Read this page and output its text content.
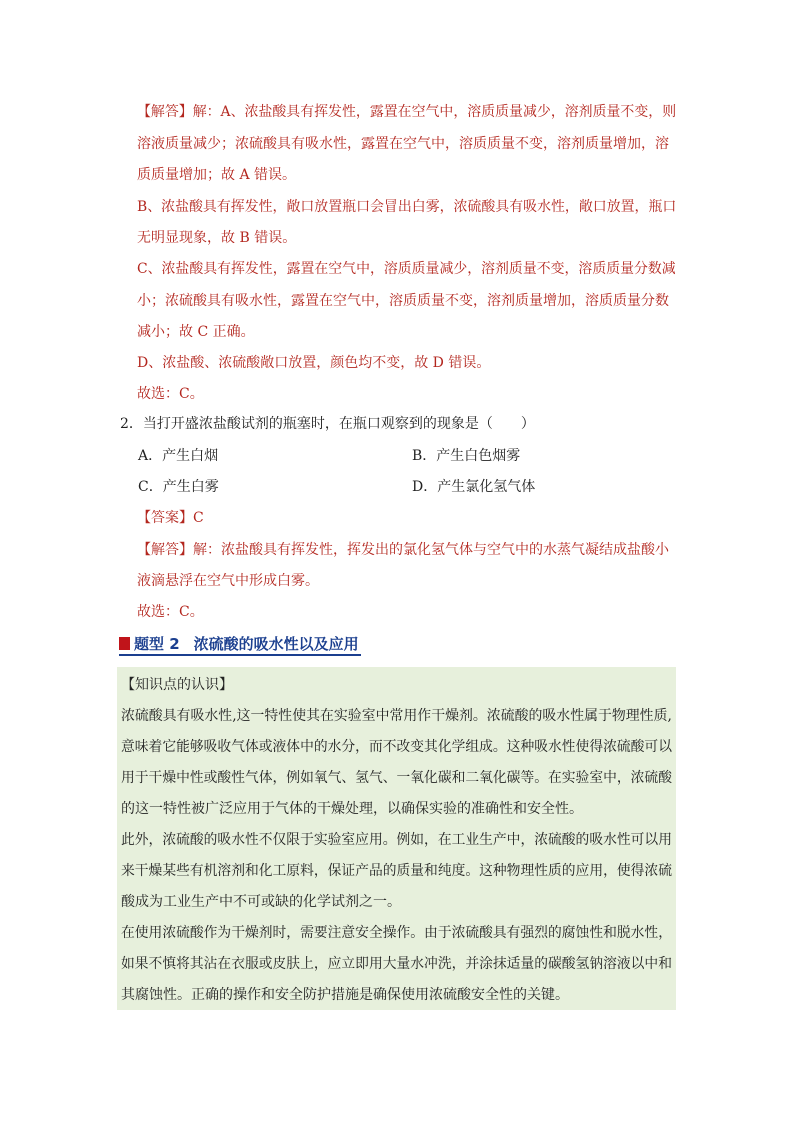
【解答】解：A、浓盐酸具有挥发性，露置在空气中，溶质质量减少，溶剂质量不变，则
溶液质量减少；浓硫酸具有吸水性，露置在空气中，溶质质量不变，溶剂质量增加，溶
质质量增加；故 A 错误。
B、浓盐酸具有挥发性，敞口放置瓶口会冒出白雾，浓硫酸具有吸水性，敞口放置，瓶口
无明显现象，故 B 错误。
C、浓盐酸具有挥发性，露置在空气中，溶质质量减少，溶剂质量不变，溶质质量分数减
小；浓硫酸具有吸水性，露置在空气中，溶质质量不变，溶剂质量增加，溶质质量分数
减小；故 C 正确。
D、浓盐酸、浓硫酸敞口放置，颜色均不变，故 D 错误。
故选：C。
2．当打开盛浓盐酸试剂的瓶塞时，在瓶口观察到的现象是（　　）
A．产生白烟	B．产生白色烟雾
C．产生白雾	D．产生氯化氢气体
【答案】C
【解答】解：浓盐酸具有挥发性，挥发出的氯化氢气体与空气中的水蒸气凝结成盐酸小
液滴悬浮在空气中形成白雾。
故选：C。
题型 2 浓硫酸的吸水性以及应用
【知识点的认识】
浓硫酸具有吸水性,这一特性使其在实验室中常用作干燥剂。浓硫酸的吸水性属于物理性质,
意味着它能够吸收气体或液体中的水分，而不改变其化学组成。这种吸水性使得浓硫酸可以
用于干燥中性或酸性气体，例如氧气、氢气、一氧化碳和二氧化碳等。在实验室中，浓硫酸
的这一特性被广泛应用于气体的干燥处理，以确保实验的准确性和安全性。
此外，浓硫酸的吸水性不仅限于实验室应用。例如，在工业生产中，浓硫酸的吸水性可以用
来干燥某些有机溶剂和化工原料，保证产品的质量和纯度。这种物理性质的应用，使得浓硫
酸成为工业生产中不可或缺的化学试剂之一。
在使用浓硫酸作为干燥剂时，需要注意安全操作。由于浓硫酸具有强烈的腐蚀性和脱水性，
如果不慎将其沾在衣服或皮肤上，应立即用大量水冲洗，并涂抹适量的碳酸氢钠溶液以中和
其腐蚀性。正确的操作和安全防护措施是确保使用浓硫酸安全性的关键。
